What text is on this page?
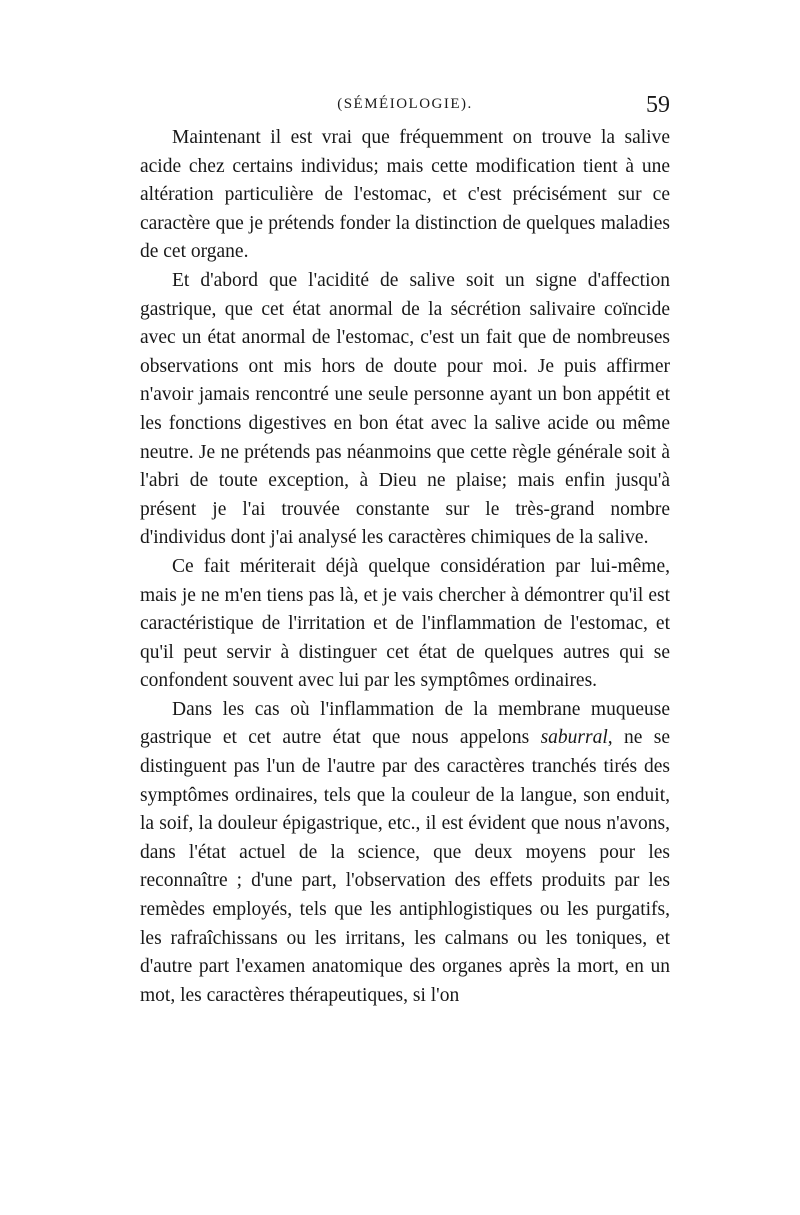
(SÉMÉIOLOGIE).	59

Maintenant il est vrai que fréquemment on trouve la salive acide chez certains individus; mais cette modification tient à une altération particulière de l'estomac, et c'est précisément sur ce caractère que je prétends fonder la distinction de quelques maladies de cet organe.

Et d'abord que l'acidité de salive soit un signe d'affection gastrique, que cet état anormal de la sécrétion salivaire coïncide avec un état anormal de l'estomac, c'est un fait que de nombreuses observations ont mis hors de doute pour moi. Je puis affirmer n'avoir jamais rencontré une seule personne ayant un bon appétit et les fonctions digestives en bon état avec la salive acide ou même neutre. Je ne prétends pas néanmoins que cette règle générale soit à l'abri de toute exception, à Dieu ne plaise; mais enfin jusqu'à présent je l'ai trouvée constante sur le très-grand nombre d'individus dont j'ai analysé les caractères chimiques de la salive.

Ce fait mériterait déjà quelque considération par lui-même, mais je ne m'en tiens pas là, et je vais chercher à démontrer qu'il est caractéristique de l'irritation et de l'inflammation de l'estomac, et qu'il peut servir à distinguer cet état de quelques autres qui se confondent souvent avec lui par les symptômes ordinaires.

Dans les cas où l'inflammation de la membrane muqueuse gastrique et cet autre état que nous appelons saburral, ne se distinguent pas l'un de l'autre par des caractères tranchés tirés des symptômes ordinaires, tels que la couleur de la langue, son enduit, la soif, la douleur épigastrique, etc., il est évident que nous n'avons, dans l'état actuel de la science, que deux moyens pour les reconnaître ; d'une part, l'observation des effets produits par les remèdes employés, tels que les antiphlogistiques ou les purgatifs, les rafraîchissans ou les irritans, les calmans ou les toniques, et d'autre part l'examen anatomique des organes après la mort, en un mot, les caractères thérapeutiques, si l'on
